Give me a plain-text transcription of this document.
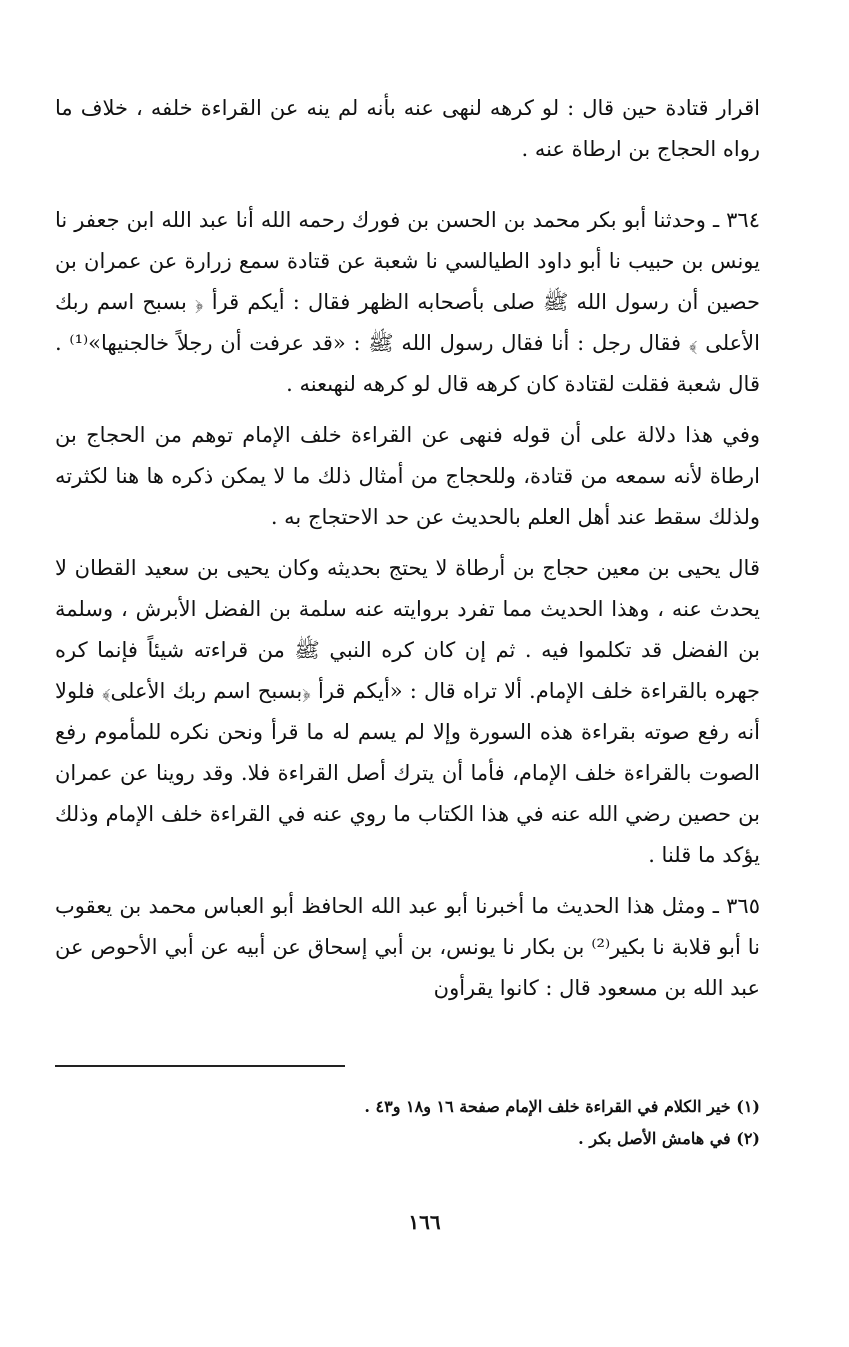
اقرار قتادة حين قال : لو كرهه لنهى عنه بأنه لم ينه عن القراءة خلفه ، خلاف ما رواه الحجاج بن ارطاة عنه .

٣٦٤ ـ وحدثنا أبو بكر محمد بن الحسن بن فورك رحمه الله أنا عبد الله ابن جعفر نا يونس بن حبيب نا أبو داود الطيالسي نا شعبة عن قتادة سمع زرارة عن عمران بن حصين أن رسول الله ﷺ صلى بأصحابه الظهر فقال : أيكم قرأ ﴿ بسبح اسم ربك الأعلى ﴾ فقال رجل : أنا فقال رسول الله ﷺ : «قد عرفت أن رجلاً خالجنيها»⁽¹⁾ . قال شعبة فقلت لقتادة كان كرهه قال لو كرهه لنهىعنه .

وفي هذا دلالة على أن قوله فنهى عن القراءة خلف الإمام توهم من الحجاج بن ارطاة لأنه سمعه من قتادة، وللحجاج من أمثال ذلك ما لا يمكن ذكره ها هنا لكثرته ولذلك سقط عند أهل العلم بالحديث عن حد الاحتجاج به .

قال يحيى بن معين حجاج بن أرطاة لا يحتج بحديثه وكان يحيى بن سعيد القطان لا يحدث عنه ، وهذا الحديث مما تفرد بروايته عنه سلمة بن الفضل الأبرش ، وسلمة بن الفضل قد تكلموا فيه . ثم إن كان كره النبي ﷺ من قراءته شيئاً فإنما كره جهره بالقراءة خلف الإمام. ألا تراه قال : «أيكم قرأ ﴿بسبح اسم ربك الأعلى﴾ فلولا أنه رفع صوته بقراءة هذه السورة وإلا لم يسم له ما قرأ ونحن نكره للمأموم رفع الصوت بالقراءة خلف الإمام، فأما أن يترك أصل القراءة فلا. وقد روينا عن عمران بن حصين رضي الله عنه في هذا الكتاب ما روي عنه في القراءة خلف الإمام وذلك يؤكد ما قلنا .

٣٦٥ ـ ومثل هذا الحديث ما أخبرنا أبو عبد الله الحافظ أبو العباس محمد بن يعقوب نا أبو قلابة نا بكير⁽²⁾ بن بكار نا يونس، بن أبي إسحاق عن أبيه عن أبي الأحوص عن عبد الله بن مسعود قال : كانوا يقرأون

(١) خير الكلام في القراءة خلف الإمام صفحة ١٦ و١٨ و٤٣ .

(٢) في هامش الأصل بكر .

١٦٦
